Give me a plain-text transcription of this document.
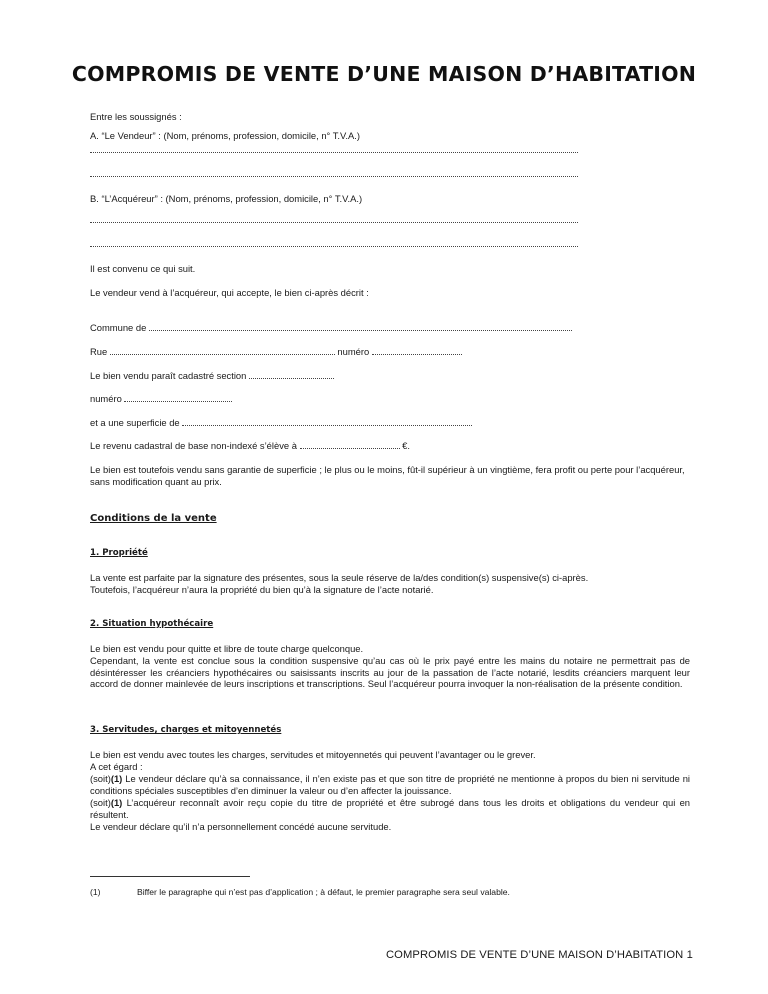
COMPROMIS DE VENTE D’UNE MAISON D’HABITATION

Entre les soussignés :

A. “Le Vendeur” : (Nom, prénoms, profession, domicile, n° T.V.A.)

B. “L’Acquéreur” : (Nom, prénoms, profession, domicile, n° T.V.A.)

Il est convenu ce qui suit.

Le vendeur vend à l’acquéreur, qui accepte, le bien ci-après décrit :

Commune de

Rue	numéro

Le bien vendu paraît cadastré section

numéro

et a une superficie de

Le revenu cadastral de base non-indexé s’élève à	€.

Le bien est toutefois vendu sans garantie de superficie ; le plus ou le moins, fût-il supérieur à un vingtième, fera profit ou perte pour l’acquéreur, sans modification quant au prix.

Conditions de la vente

1. Propriété

La vente est parfaite par la signature des présentes, sous la seule réserve de la/des condition(s) suspensive(s) ci-après.

Toutefois, l’acquéreur n’aura la propriété du bien qu’à la signature de l’acte notarié.

2. Situation hypothécaire

Le bien est vendu pour quitte et libre de toute charge quelconque.

Cependant, la vente est conclue sous la condition suspensive qu’au cas où le prix payé entre les mains du notaire ne permettrait pas de désintéresser les créanciers hypothécaires ou saisissants inscrits au jour de la passation de l’acte notarié, lesdits créanciers marquent leur accord de donner mainlevée de leurs inscriptions et transcriptions. Seul l’acquéreur pourra invoquer la non-réalisation de la présente condition.

3. Servitudes, charges et mitoyennetés

Le bien est vendu avec toutes les charges, servitudes et mitoyennetés qui peuvent l’avantager ou le grever.

A cet égard :

(soit)(1) Le vendeur déclare qu’à sa connaissance, il n’en existe pas et que son titre de propriété ne mentionne à propos du bien ni servitude ni conditions spéciales susceptibles d’en diminuer la valeur ou d’en affecter la jouissance.

(soit)(1) L’acquéreur reconnaît avoir reçu copie du titre de propriété et être subrogé dans tous les droits et obligations du vendeur qui en résultent.

Le vendeur déclare qu’il n’a personnellement concédé aucune servitude.

(1)	Biffer le paragraphe qui n’est pas d’application ; à défaut, le premier paragraphe sera seul valable.
COMPROMIS DE VENTE D’UNE MAISON D’HABITATION 1
